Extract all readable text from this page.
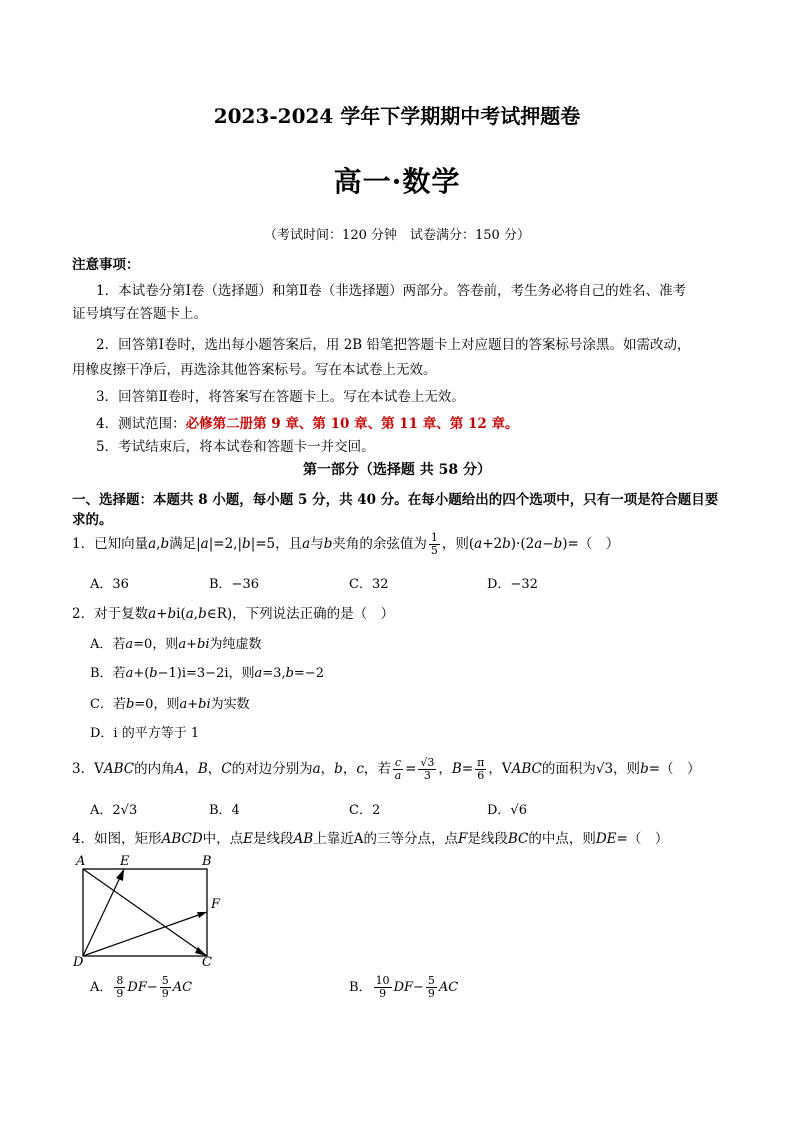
2023-2024 学年下学期期中考试押题卷
高一·数学
（考试时间：120 分钟　试卷满分：150 分）
注意事项：
1．本试卷分第Ⅰ卷（选择题）和第Ⅱ卷（非选择题）两部分。答卷前，考生务必将自己的姓名、准考
证号填写在答题卡上。
2．回答第Ⅰ卷时，选出每小题答案后，用 2B 铅笔把答题卡上对应题目的答案标号涂黑。如需改动，
用橡皮擦干净后，再选涂其他答案标号。写在本试卷上无效。
3．回答第Ⅱ卷时，将答案写在答题卡上。写在本试卷上无效。
4．测试范围：必修第二册第 9 章、第 10 章、第 11 章、第 12 章。
5．考试结束后，将本试卷和答题卡一并交回。
第一部分（选择题 共 58 分）
一、选择题：本题共 8 小题，每小题 5 分，共 40 分。在每小题给出的四个选项中，只有一项是符合题目要
求的。
1．已知向量a,b满足|a|=2,|b|=5，且a与b夹角的余弦值为 $\frac{1}{5}$ ，则(a+2b)·(2a−b)=（　）
A．36	B．−36	C．32	D．−32
2．对于复数a+bi(a,b∈R)，下列说法正确的是（　）
A．若a=0，则a+bi为纯虚数
B．若a+(b−1)i=3−2i，则a=3,b=−2
C．若b=0，则a+bi为实数
D．i 的平方等于 1
3．VABC的内角A，B，C的对边分别为a，b，c，若 $\frac{c}{a} = \frac{√3}{3}$ ，$B= \frac{\pi}{6}$ ，VABC的面积为√3，则b=（　）
A．2√3	B．4	C．2	D．√6
4．如图，矩形ABCD中，点E是线段AB上靠近A的三等分点，点F是线段BC的中点，则DE=（　）
A	E	B
F
D	C
A． $\frac{8}{9} DF- \frac{5}{9}$ AC	B． $\frac{10}{9} DF- \frac{5}{9}$ AC
